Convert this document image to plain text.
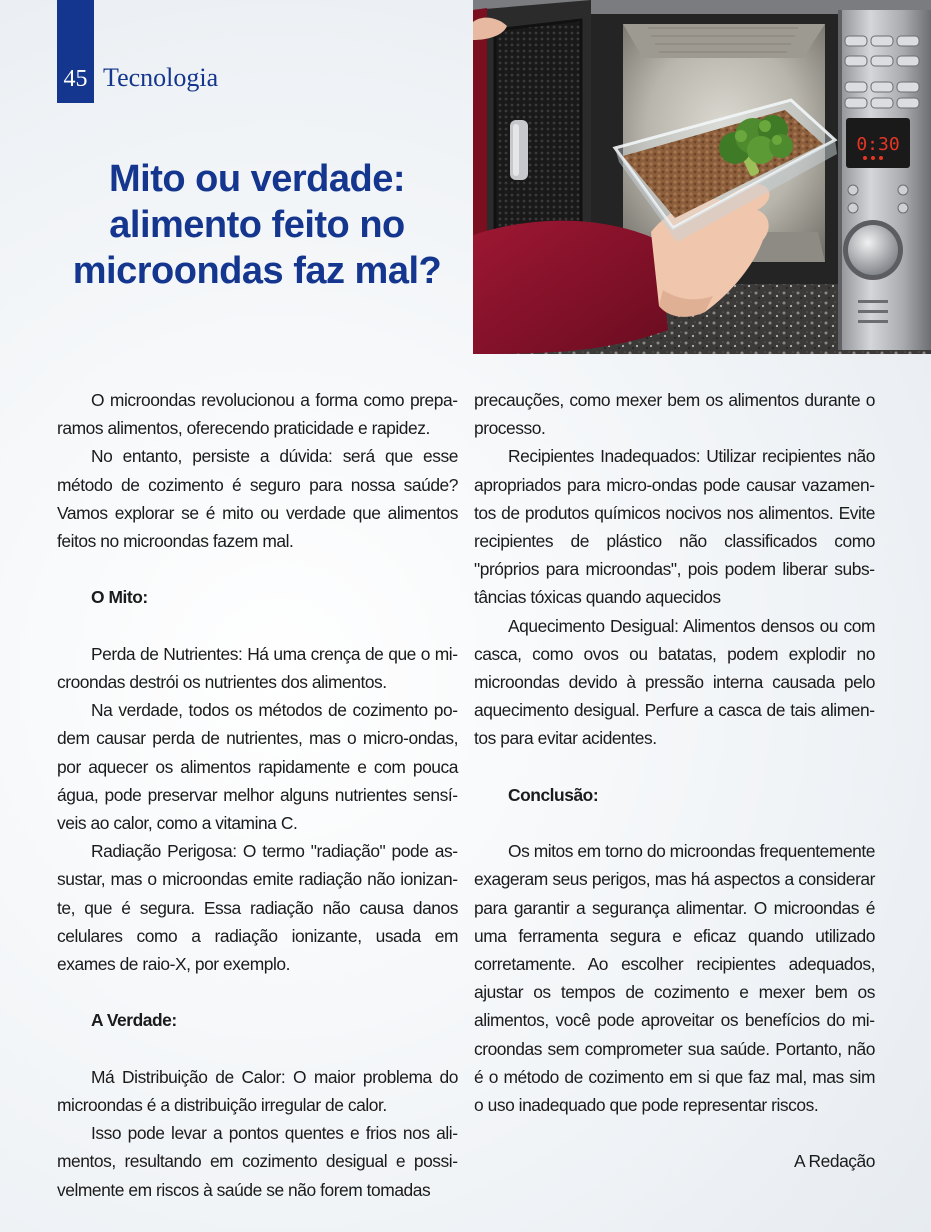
45 Tecnologia
Mito ou verdade:
alimento feito no
microondas faz mal?
0:30

O microondas revolucionou a forma como preparamos alimentos, oferecendo praticidade e rapidez.

No entanto, persiste a dúvida: será que esse método de cozimento é seguro para nossa saúde? Vamos explorar se é mito ou verdade que alimentos feitos no microondas fazem mal.

O Mito:

Perda de Nutrientes: Há uma crença de que o microondas destrói os nutrientes dos alimentos.

Na verdade, todos os métodos de cozimento podem causar perda de nutrientes, mas o micro-ondas, por aquecer os alimentos rapidamente e com pouca água, pode preservar melhor alguns nutrientes sensíveis ao calor, como a vitamina C.

Radiação Perigosa: O termo "radiação" pode assustar, mas o microondas emite radiação não ionizante, que é segura. Essa radiação não causa danos celulares como a radiação ionizante, usada em exames de raio-X, por exemplo.

A Verdade:

Má Distribuição de Calor: O maior problema do microondas é a distribuição irregular de calor.

Isso pode levar a pontos quentes e frios nos alimentos, resultando em cozimento desigual e possivelmente em riscos à saúde se não forem tomadas

precauções, como mexer bem os alimentos durante o processo.

Recipientes Inadequados: Utilizar recipientes não apropriados para micro-ondas pode causar vazamentos de produtos químicos nocivos nos alimentos. Evite recipientes de plástico não classificados como "próprios para microondas", pois podem liberar substâncias tóxicas quando aquecidos

Aquecimento Desigual: Alimentos densos ou com casca, como ovos ou batatas, podem explodir no microondas devido à pressão interna causada pelo aquecimento desigual. Perfure a casca de tais alimentos para evitar acidentes.

Conclusão:

Os mitos em torno do microondas frequentemente exageram seus perigos, mas há aspectos a considerar para garantir a segurança alimentar. O microondas é uma ferramenta segura e eficaz quando utilizado corretamente. Ao escolher recipientes adequados, ajustar os tempos de cozimento e mexer bem os alimentos, você pode aproveitar os benefícios do microondas sem comprometer sua saúde. Portanto, não é o método de cozimento em si que faz mal, mas sim o uso inadequado que pode representar riscos.

A Redação
